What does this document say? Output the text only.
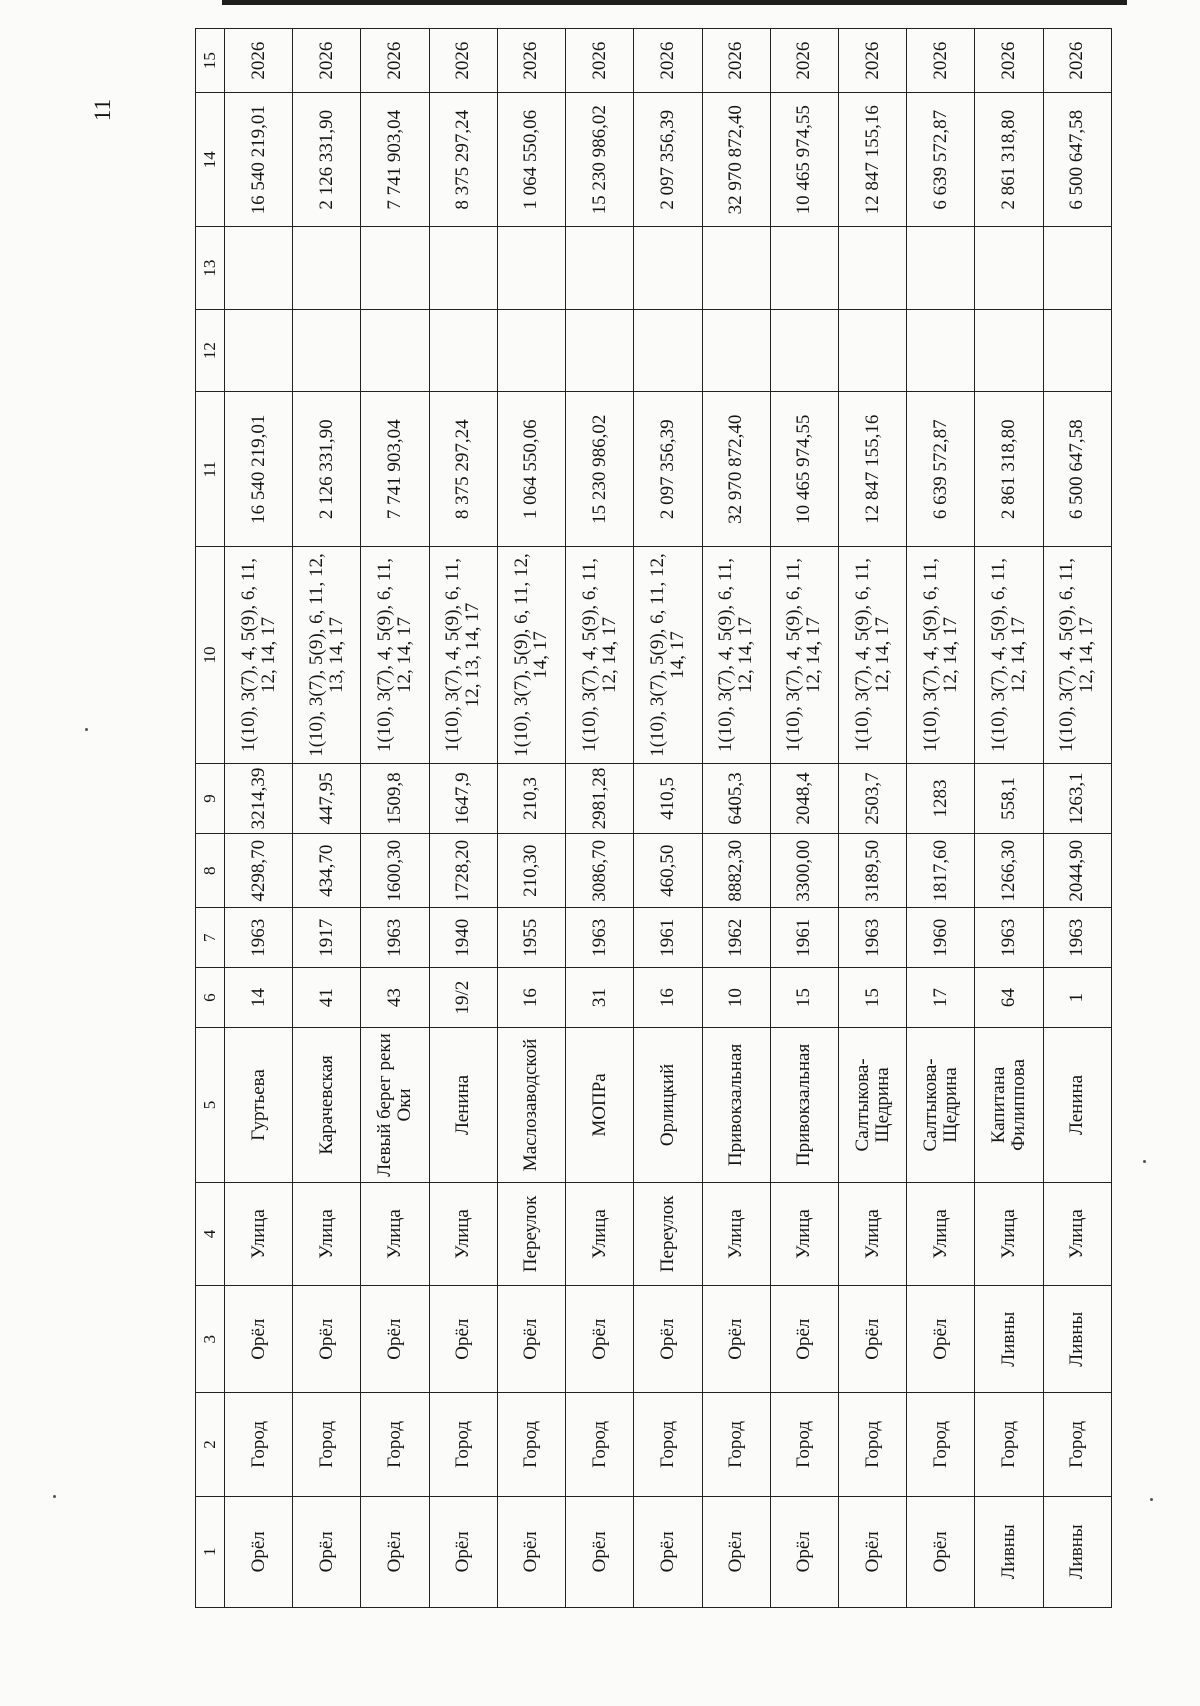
11
1	2	3	4	5	6	7	8	9	10	11	12	13	14	15
Орёл	Город	Орёл	Улица	Гуртьева	14	1963	4298,70	3214,39	1(10), 3(7), 4, 5(9), 6, 11, 12, 14, 17	16 540 219,01			16 540 219,01	2026
Орёл	Город	Орёл	Улица	Карачевская	41	1917	434,70	447,95	1(10), 3(7), 5(9), 6, 11, 12, 13, 14, 17	2 126 331,90			2 126 331,90	2026
Орёл	Город	Орёл	Улица	Левый берег реки Оки	43	1963	1600,30	1509,8	1(10), 3(7), 4, 5(9), 6, 11, 12, 14, 17	7 741 903,04			7 741 903,04	2026
Орёл	Город	Орёл	Улица	Ленина	19/2	1940	1728,20	1647,9	1(10), 3(7), 4, 5(9), 6, 11, 12, 13, 14, 17	8 375 297,24			8 375 297,24	2026
Орёл	Город	Орёл	Переулок	Маслозаводской	16	1955	210,30	210,3	1(10), 3(7), 5(9), 6, 11, 12, 14, 17	1 064 550,06			1 064 550,06	2026
Орёл	Город	Орёл	Улица	МОПРа	31	1963	3086,70	2981,28	1(10), 3(7), 4, 5(9), 6, 11, 12, 14, 17	15 230 986,02			15 230 986,02	2026
Орёл	Город	Орёл	Переулок	Орлицкий	16	1961	460,50	410,5	1(10), 3(7), 5(9), 6, 11, 12, 14, 17	2 097 356,39			2 097 356,39	2026
Орёл	Город	Орёл	Улица	Привокзальная	10	1962	8882,30	6405,3	1(10), 3(7), 4, 5(9), 6, 11, 12, 14, 17	32 970 872,40			32 970 872,40	2026
Орёл	Город	Орёл	Улица	Привокзальная	15	1961	3300,00	2048,4	1(10), 3(7), 4, 5(9), 6, 11, 12, 14, 17	10 465 974,55			10 465 974,55	2026
Орёл	Город	Орёл	Улица	Салтыкова-Щедрина	15	1963	3189,50	2503,7	1(10), 3(7), 4, 5(9), 6, 11, 12, 14, 17	12 847 155,16			12 847 155,16	2026
Орёл	Город	Орёл	Улица	Салтыкова-Щедрина	17	1960	1817,60	1283	1(10), 3(7), 4, 5(9), 6, 11, 12, 14, 17	6 639 572,87			6 639 572,87	2026
Ливны	Город	Ливны	Улица	Капитана Филиппова	64	1963	1266,30	558,1	1(10), 3(7), 4, 5(9), 6, 11, 12, 14, 17	2 861 318,80			2 861 318,80	2026
Ливны	Город	Ливны	Улица	Ленина	1	1963	2044,90	1263,1	1(10), 3(7), 4, 5(9), 6, 11, 12, 14, 17	6 500 647,58			6 500 647,58	2026
